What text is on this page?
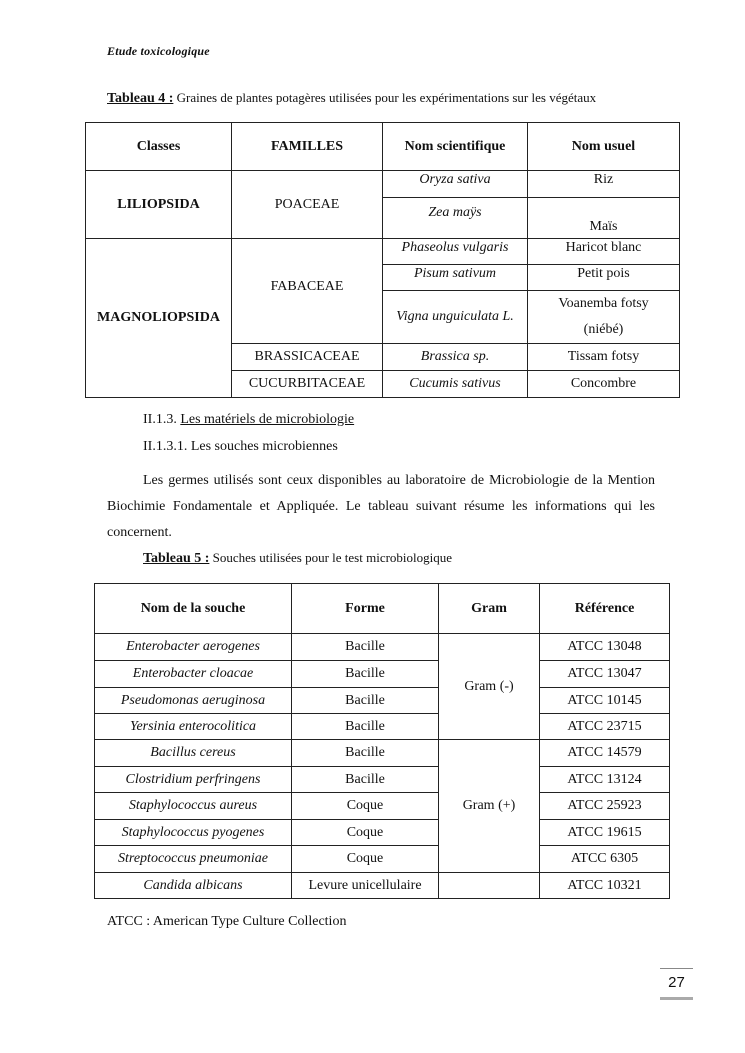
Etude toxicologique
Tableau 4 : Graines de plantes potagères utilisées pour les expérimentations sur les végétaux
Classes	FAMILLES	Nom scientifique	Nom usuel
LILIOPSIDA	POACEAE	Oryza sativa	Riz
		Zea maÿs	Maïs
MAGNOLIOPSIDA	FABACEAE	Phaseolus vulgaris	Haricot blanc
		Pisum sativum	Petit pois
		Vigna unguiculata L.	Voanemba fotsy
(niébé)

	BRASSICACEAE	Brassica sp.	Tissam fotsy
	CUCURBITACEAE	Cucumis sativus	Concombre
II.1.3. Les matériels de microbiologie
II.1.3.1. Les souches microbiennes
Les germes utilisés sont ceux disponibles au laboratoire de Microbiologie de la Mention Biochimie Fondamentale et Appliquée. Le tableau suivant résume les informations qui les concernent.
Tableau 5 : Souches utilisées pour le test microbiologique
Nom de la souche	Forme	Gram	Référence
Enterobacter aerogenes	Bacille	Gram (-)	ATCC 13048
Enterobacter cloacae	Bacille		ATCC 13047
Pseudomonas aeruginosa	Bacille		ATCC 10145
Yersinia enterocolitica	Bacille		ATCC 23715
Bacillus cereus	Bacille	Gram (+)	ATCC 14579
Clostridium perfringens	Bacille		ATCC 13124
Staphylococcus aureus	Coque		ATCC 25923
Staphylococcus pyogenes	Coque		ATCC 19615
Streptococcus pneumoniae	Coque		ATCC 6305
Candida albicans	Levure unicellulaire		ATCC 10321
ATCC : American Type Culture Collection
27
